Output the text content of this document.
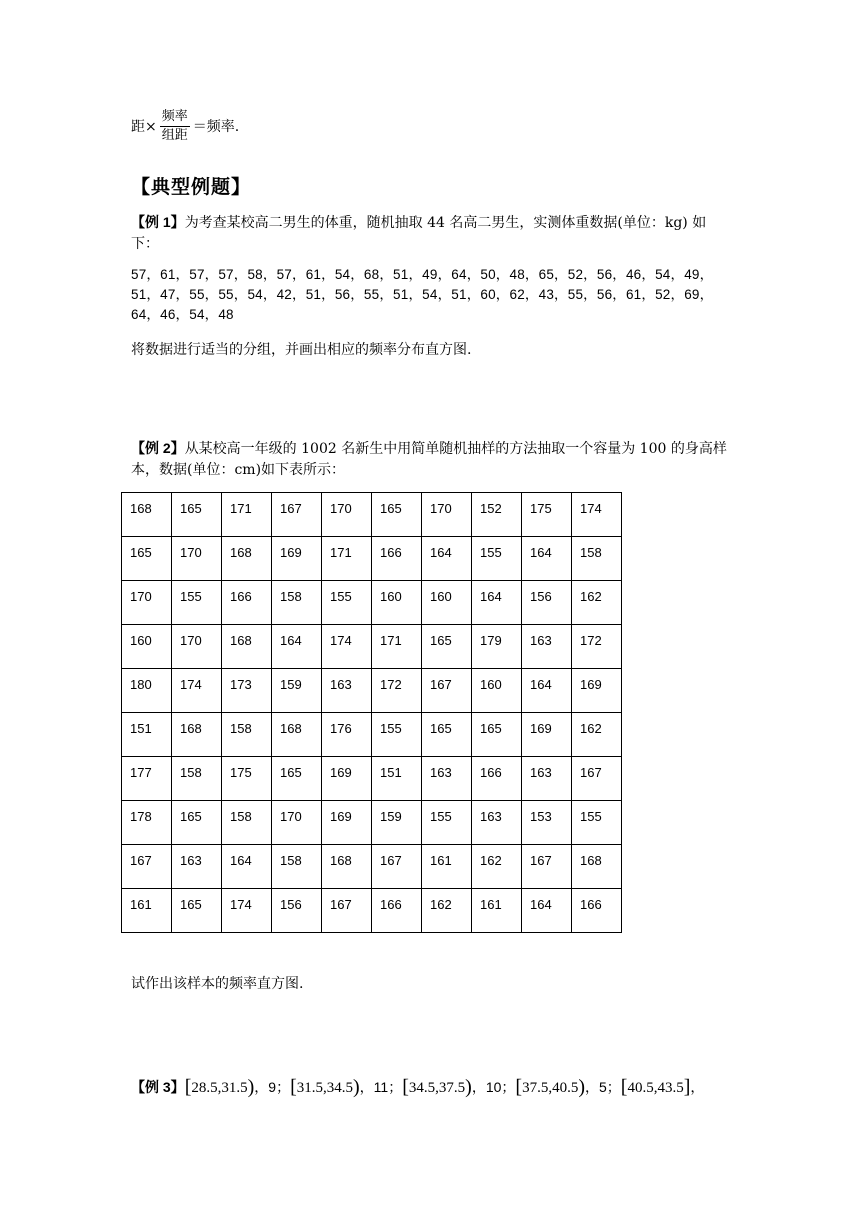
距× $\frac{\text{频率}}{\text{组距}}$ ＝频率.
【典型例题】
【例 1】为考查某校高二男生的体重，随机抽取 44 名高二男生，实测体重数据(单位：kg) 如下：
57，61，57，57，58，57，61，54，68，51，49，64，50，48，65，52，56，46，54，49，
51，47，55，55，54，42，51，56，55，51，54，51，60，62，43，55，56，61，52，69，
64，46，54，48
将数据进行适当的分组，并画出相应的频率分布直方图.
【例 2】从某校高一年级的 1002 名新生中用简单随机抽样的方法抽取一个容量为 100 的身高样本，数据(单位：cm)如下表所示：
168	165	171	167	170	165	170	152	175	174
165	170	168	169	171	166	164	155	164	158
170	155	166	158	155	160	160	164	156	162
160	170	168	164	174	171	165	179	163	172
180	174	173	159	163	172	167	160	164	169
151	168	158	168	176	155	165	165	169	162
177	158	175	165	169	151	163	166	163	167
178	165	158	170	169	159	155	163	153	155
167	163	164	158	168	167	161	162	167	168
161	165	174	156	167	166	162	161	164	166
试作出该样本的频率直方图.
【例 3】[28.5,31.5)，9；[31.5,34.5)，11；[34.5,37.5)，10；[37.5,40.5)，5；[40.5,43.5]，
